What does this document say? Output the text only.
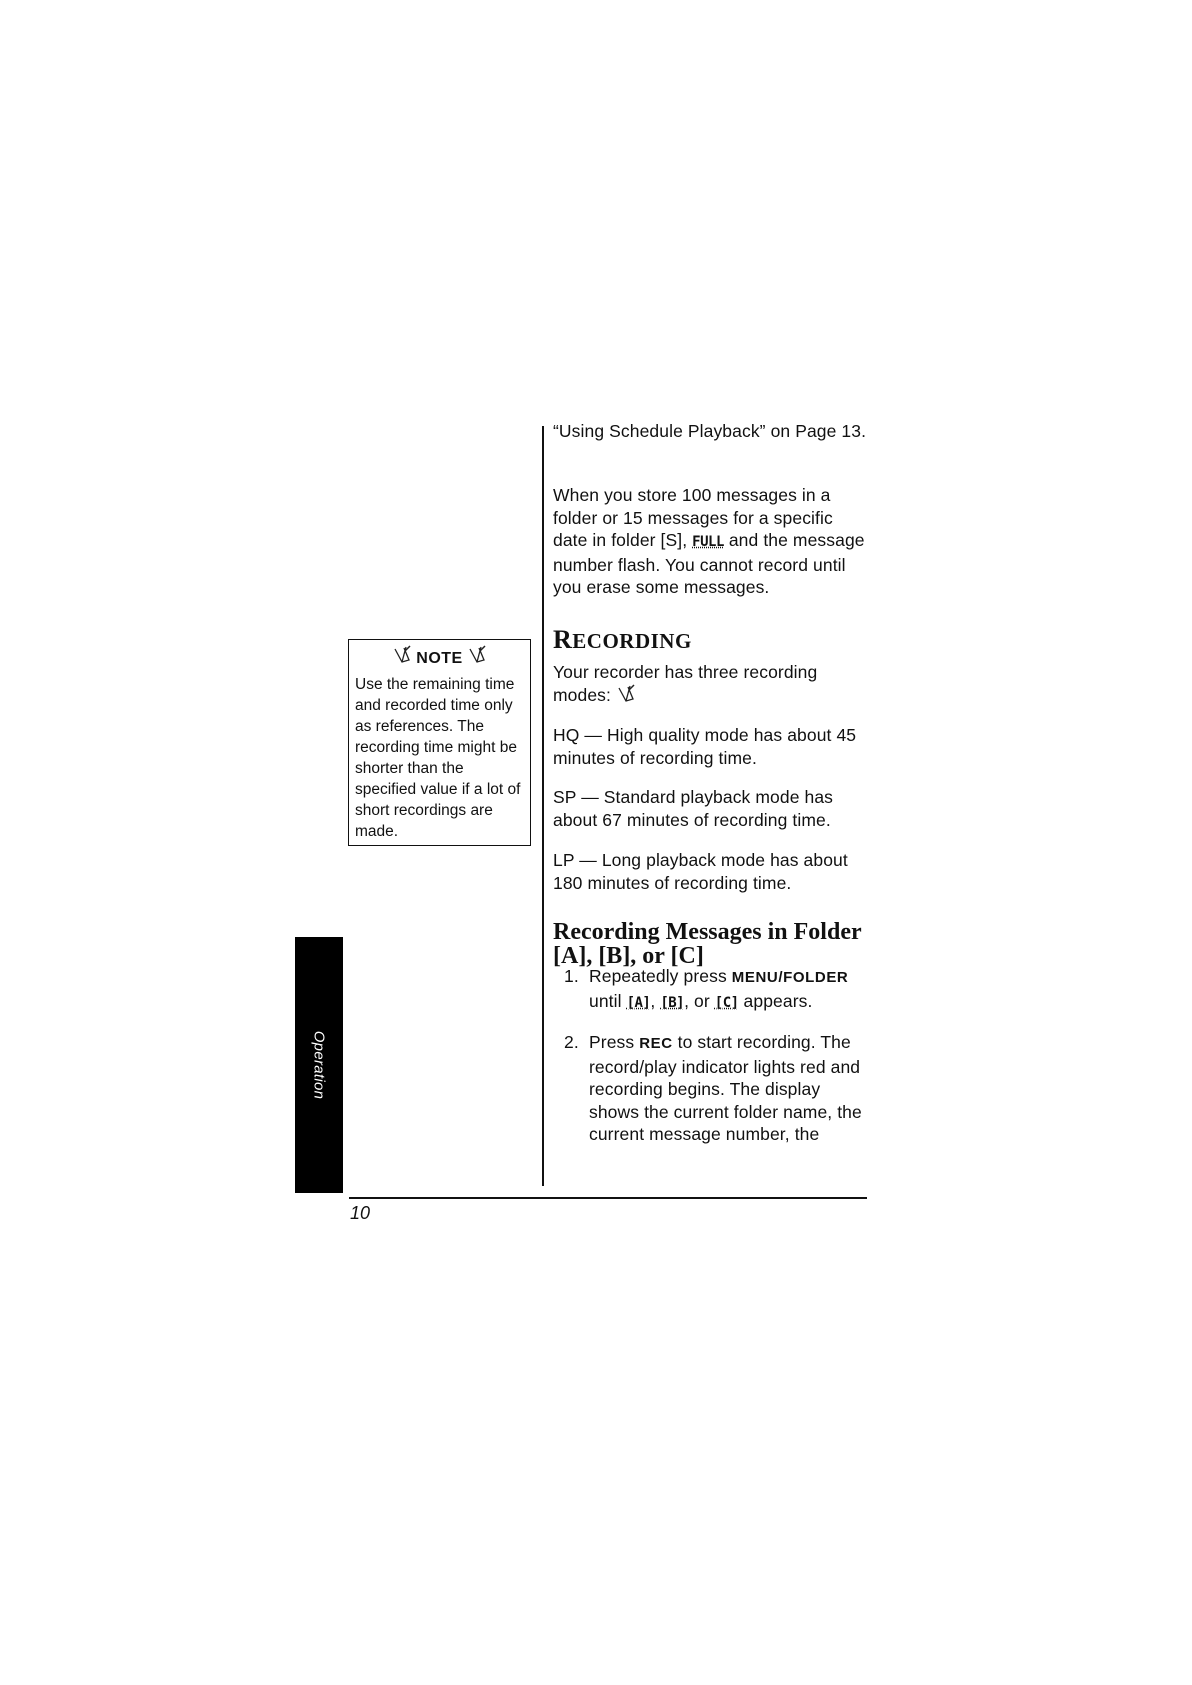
Operation
NOTE
Use the remaining time and recorded time only as references. The recording time might be shorter than the specified value if a lot of short recordings are made.

“Using Schedule Playback” on Page 13.

When you store 100 messages in a folder or 15 messages for a specific date in folder [S], FULL and the message number flash. You cannot record until you erase some messages.
RECORDING
Your recorder has three recording modes:
HQ — High quality mode has about 45 minutes of recording time.
SP — Standard playback mode has about 67 minutes of recording time.
LP — Long playback mode has about 180 minutes of recording time.
Recording Messages in Folder
[A], [B], or [C]
1. Repeatedly press MENU/FOLDER
until [A], [B], or [C] appears.
2. Press REC to start recording. The record/play indicator lights red and recording begins. The display shows the current folder name, the current message number, the
10
